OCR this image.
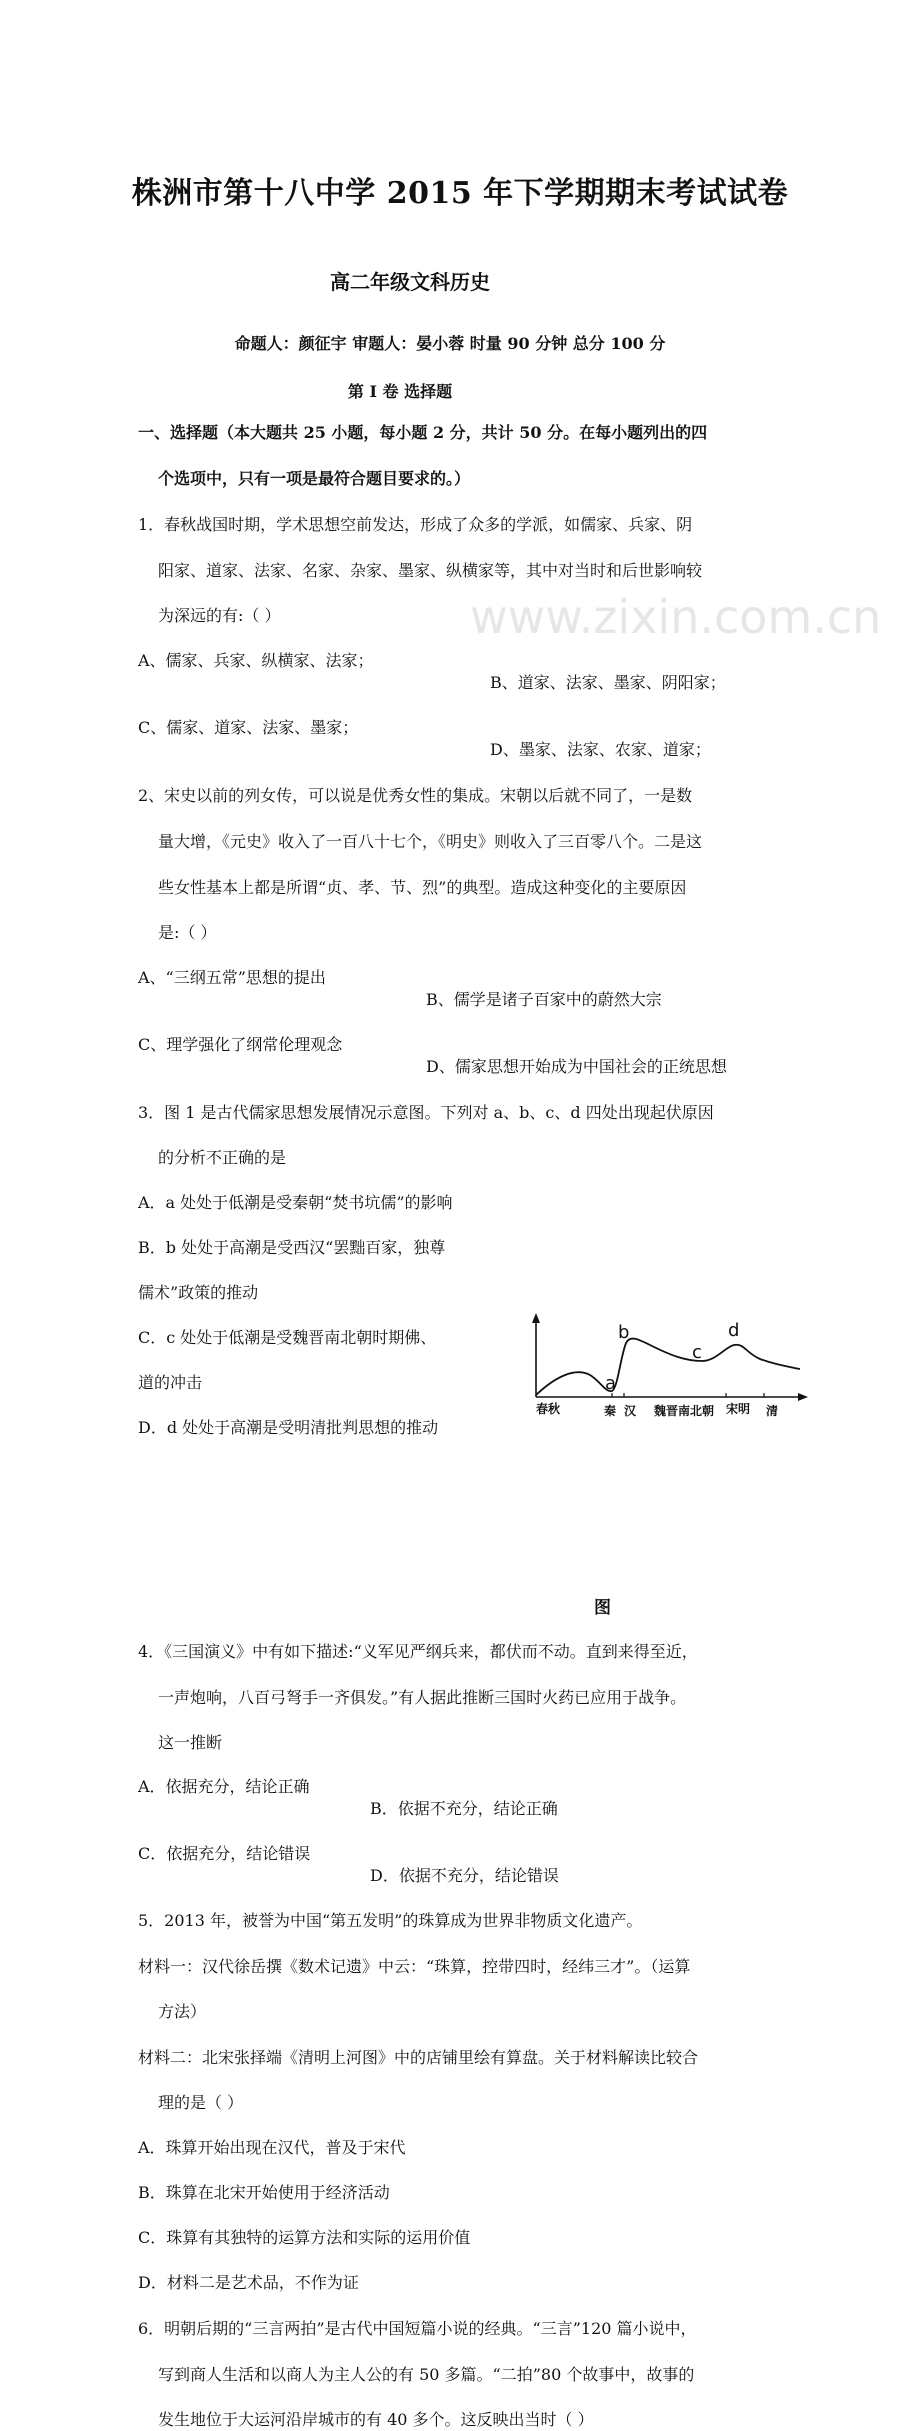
www.zixin.com.cn
株洲市第十八中学 2015 年下学期期末考试试卷
高二年级文科历史
命题人：颜征宇 审题人：晏小蓉 时量 90 分钟 总分 100 分
第 I 卷 选择题
一、选择题（本大题共 25 小题，每小题 2 分，共计 50 分。在每小题列出的四
个选项中，只有一项是最符合题目要求的。）
1．春秋战国时期，学术思想空前发达，形成了众多的学派，如儒家、兵家、阴
阳家、道家、法家、名家、杂家、墨家、纵横家等，其中对当时和后世影响较
为深远的有:（ ）
A、儒家、兵家、纵横家、法家；
B、道家、法家、墨家、阴阳家；
C、儒家、道家、法家、墨家；
D、墨家、法家、农家、道家；
2、宋史以前的列女传，可以说是优秀女性的集成。宋朝以后就不同了，一是数
量大增，《元史》收入了一百八十七个，《明史》则收入了三百零八个。二是这
些女性基本上都是所谓“贞、孝、节、烈”的典型。造成这种变化的主要原因
是:（ ）
A、“三纲五常”思想的提出
B、儒学是诸子百家中的蔚然大宗
C、理学强化了纲常伦理观念
D、儒家思想开始成为中国社会的正统思想
3．图 1 是古代儒家思想发展情况示意图。下列对 a、b、c、d 四处出现起伏原因
的分析不正确的是
A．a 处处于低潮是受秦朝“焚书坑儒”的影响
B．b 处处于高潮是受西汉“罢黜百家，独尊
儒术”政策的推动
C．c 处处于低潮是受魏晋南北朝时期佛、
道的冲击
D．d 处处于高潮是受明清批判思想的推动
a
b
c
d
春秋	秦 汉 魏晋南北朝 宋明 清
图
4．《三国演义》中有如下描述:“义军见严纲兵来，都伏而不动。直到来得至近，
一声炮响，八百弓弩手一齐俱发。”有人据此推断三国时火药已应用于战争。
这一推断
A．依据充分，结论正确
B．依据不充分，结论正确
C．依据充分，结论错误
D．依据不充分，结论错误
5．2013 年，被誉为中国“第五发明”的珠算成为世界非物质文化遗产。
材料一：汉代徐岳撰《数术记遗》中云：“珠算，控带四时，经纬三才”。（运算
方法）
材料二：北宋张择端《清明上河图》中的店铺里绘有算盘。关于材料解读比较合
理的是（ ）
A．珠算开始出现在汉代，普及于宋代
B．珠算在北宋开始使用于经济活动
C．珠算有其独特的运算方法和实际的运用价值
D．材料二是艺术品，不作为证
6．明朝后期的“三言两拍”是古代中国短篇小说的经典。“三言”120 篇小说中，
写到商人生活和以商人为主人公的有 50 多篇。“二拍”80 个故事中，故事的
发生地位于大运河沿岸城市的有 40 多个。这反映出当时（ ）
